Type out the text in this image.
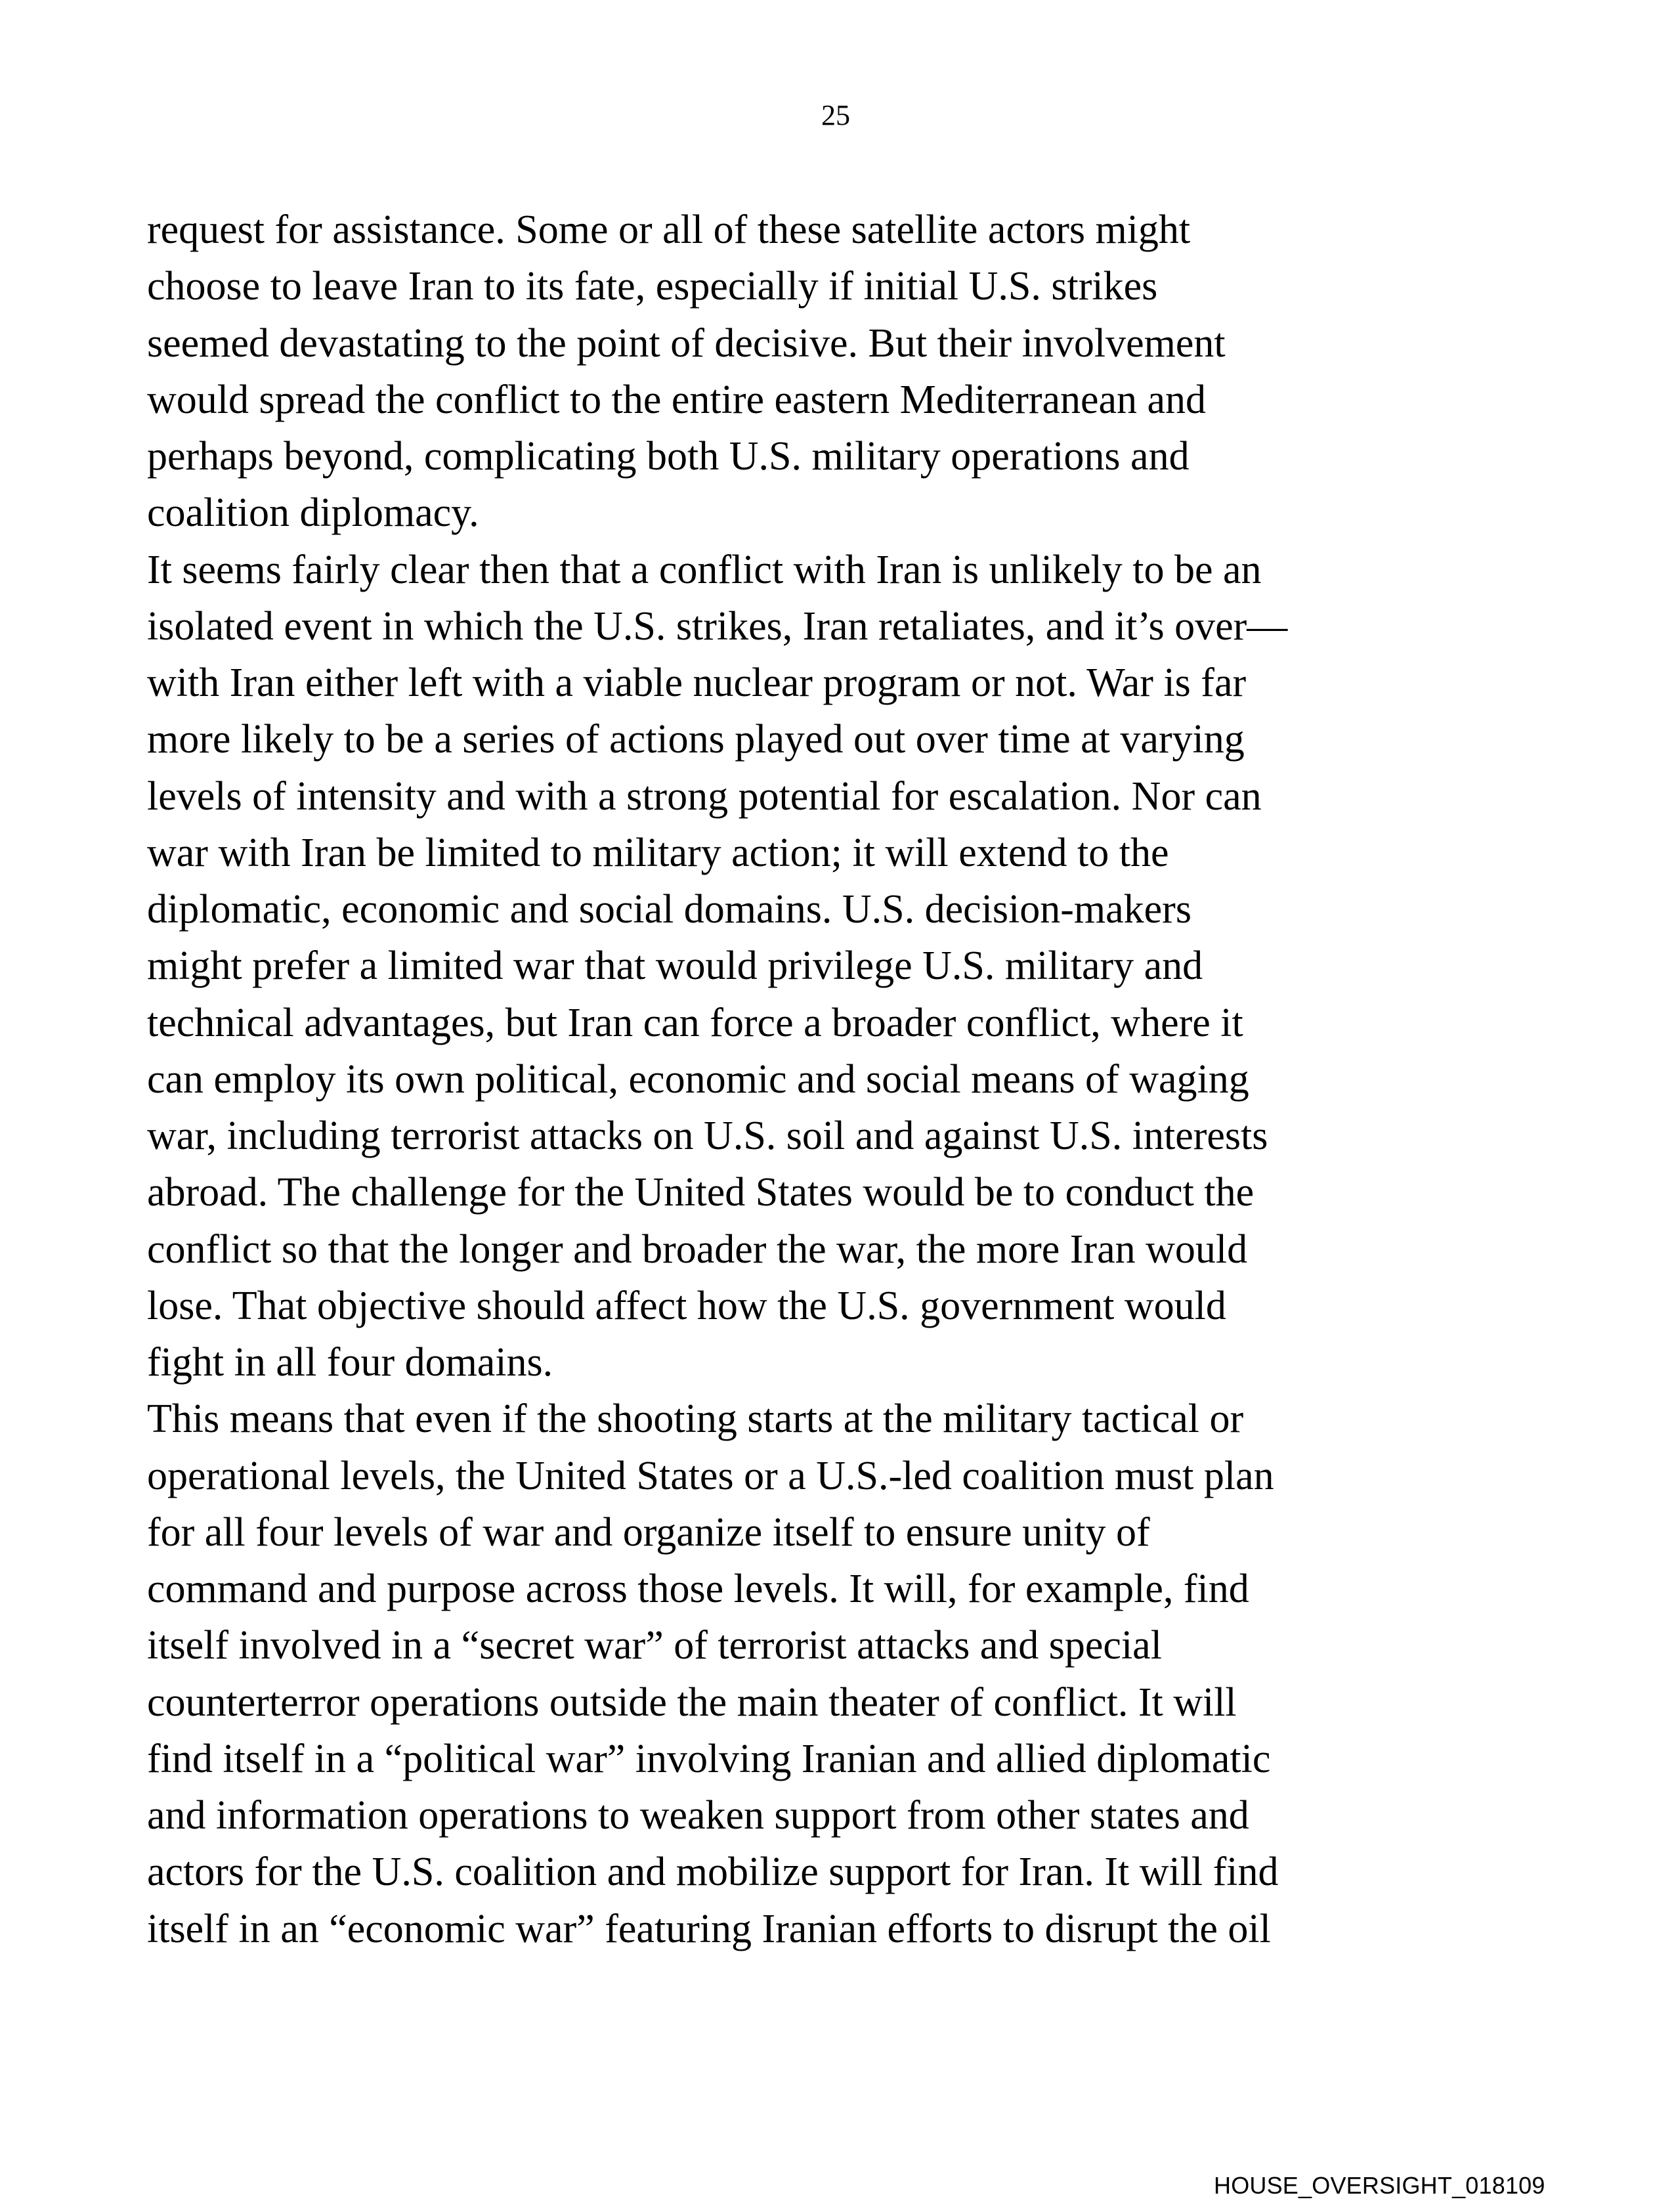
25
request for assistance. Some or all of these satellite actors might
choose to leave Iran to its fate, especially if initial U.S. strikes
seemed devastating to the point of decisive. But their involvement
would spread the conflict to the entire eastern Mediterranean and
perhaps beyond, complicating both U.S. military operations and
coalition diplomacy.
It seems fairly clear then that a conflict with Iran is unlikely to be an
isolated event in which the U.S. strikes, Iran retaliates, and it’s over—
with Iran either left with a viable nuclear program or not. War is far
more likely to be a series of actions played out over time at varying
levels of intensity and with a strong potential for escalation. Nor can
war with Iran be limited to military action; it will extend to the
diplomatic, economic and social domains. U.S. decision-makers
might prefer a limited war that would privilege U.S. military and
technical advantages, but Iran can force a broader conflict, where it
can employ its own political, economic and social means of waging
war, including terrorist attacks on U.S. soil and against U.S. interests
abroad. The challenge for the United States would be to conduct the
conflict so that the longer and broader the war, the more Iran would
lose. That objective should affect how the U.S. government would
fight in all four domains.
This means that even if the shooting starts at the military tactical or
operational levels, the United States or a U.S.-led coalition must plan
for all four levels of war and organize itself to ensure unity of
command and purpose across those levels. It will, for example, find
itself involved in a “secret war” of terrorist attacks and special
counterterror operations outside the main theater of conflict. It will
find itself in a “political war” involving Iranian and allied diplomatic
and information operations to weaken support from other states and
actors for the U.S. coalition and mobilize support for Iran. It will find
itself in an “economic war” featuring Iranian efforts to disrupt the oil
HOUSE_OVERSIGHT_018109
